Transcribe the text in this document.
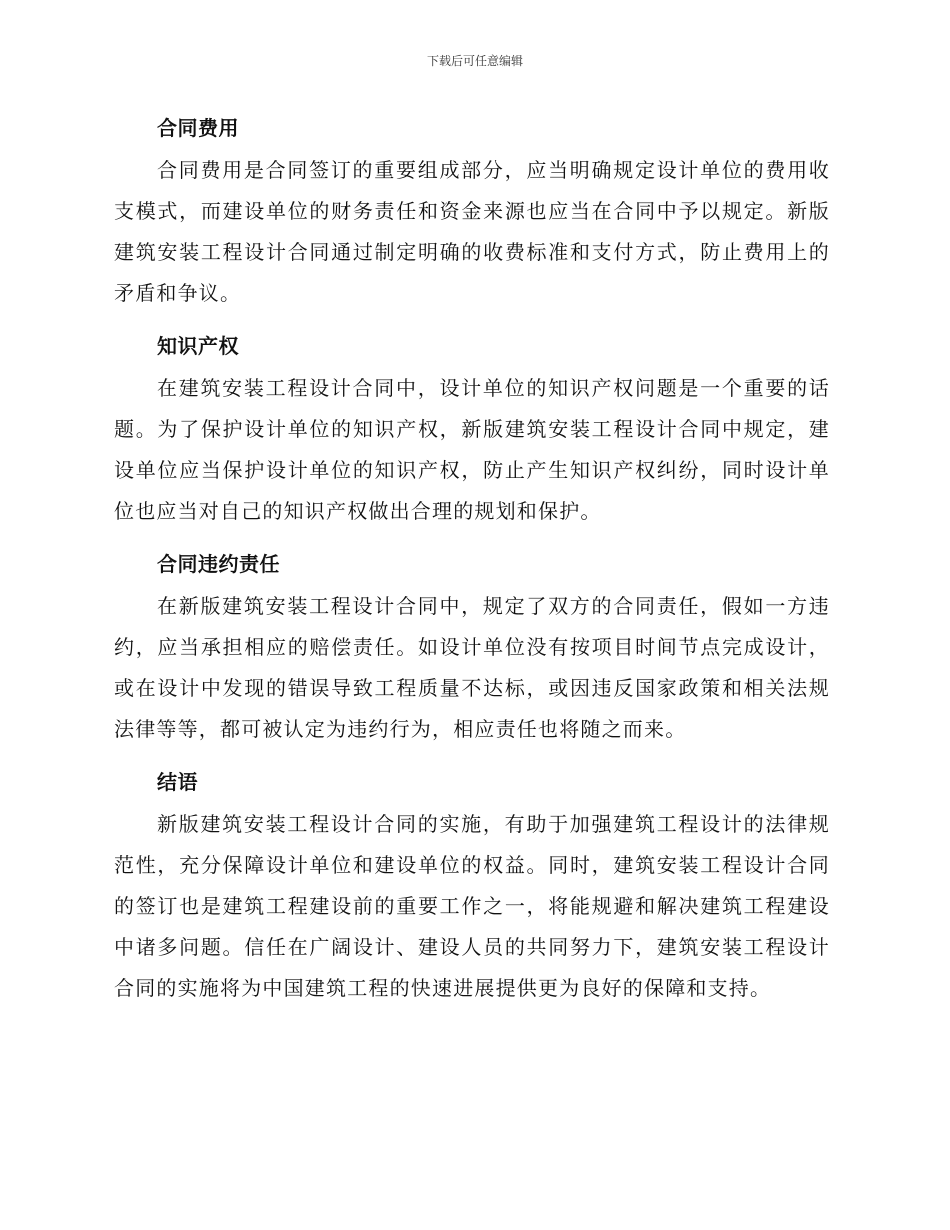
下载后可任意编辑
合同费用

合同费用是合同签订的重要组成部分，应当明确规定设计单位的费用收支模式，而建设单位的财务责任和资金来源也应当在合同中予以规定。新版建筑安装工程设计合同通过制定明确的收费标准和支付方式，防止费用上的矛盾和争议。

知识产权

在建筑安装工程设计合同中，设计单位的知识产权问题是一个重要的话题。为了保护设计单位的知识产权，新版建筑安装工程设计合同中规定，建设单位应当保护设计单位的知识产权，防止产生知识产权纠纷，同时设计单位也应当对自己的知识产权做出合理的规划和保护。

合同违约责任

在新版建筑安装工程设计合同中，规定了双方的合同责任，假如一方违约，应当承担相应的赔偿责任。如设计单位没有按项目时间节点完成设计，或在设计中发现的错误导致工程质量不达标，或因违反国家政策和相关法规法律等等，都可被认定为违约行为，相应责任也将随之而来。

结语

新版建筑安装工程设计合同的实施，有助于加强建筑工程设计的法律规范性，充分保障设计单位和建设单位的权益。同时，建筑安装工程设计合同的签订也是建筑工程建设前的重要工作之一，将能规避和解决建筑工程建设中诸多问题。信任在广阔设计、建设人员的共同努力下，建筑安装工程设计合同的实施将为中国建筑工程的快速进展提供更为良好的保障和支持。
